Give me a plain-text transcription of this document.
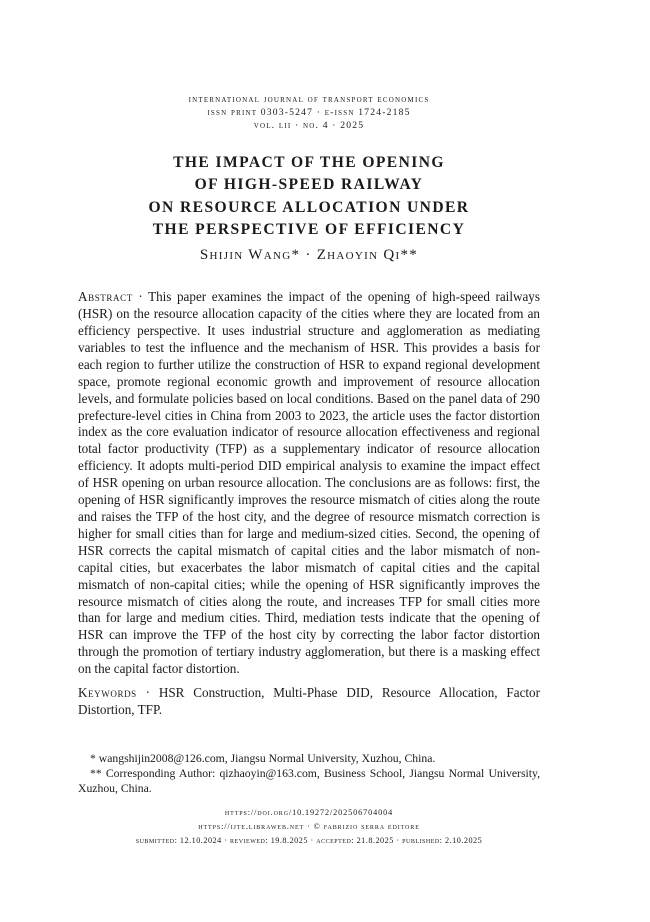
international journal of transport economics
issn print 0303-5247 · e-issn 1724-2185
vol. lii · no. 4 · 2025
THE IMPACT OF THE OPENING
OF HIGH-SPEED RAILWAY
ON RESOURCE ALLOCATION UNDER
THE PERSPECTIVE OF EFFICIENCY
Shijin Wang* · Zhaoyin Qi**
Abstract · This paper examines the impact of the opening of high-speed railways (HSR) on the resource allocation capacity of the cities where they are located from an efficiency perspective. It uses industrial structure and agglomeration as mediating variables to test the influence and the mechanism of HSR. This provides a basis for each region to further utilize the construction of HSR to expand regional development space, promote regional economic growth and improvement of resource allocation levels, and formulate policies based on local conditions. Based on the panel data of 290 prefecture-level cities in China from 2003 to 2023, the article uses the factor distortion index as the core evaluation indicator of resource allocation effectiveness and regional total factor productivity (TFP) as a supplementary indicator of resource allocation efficiency. It adopts multi-period DID empirical analysis to examine the impact effect of HSR opening on urban resource allocation. The conclusions are as follows: first, the opening of HSR significantly improves the resource mismatch of cities along the route and raises the TFP of the host city, and the degree of resource mismatch correction is higher for small cities than for large and medium-sized cities. Second, the opening of HSR corrects the capital mismatch of capital cities and the labor mismatch of non-capital cities, but exacerbates the labor mismatch of capital cities and the capital mismatch of non-capital cities; while the opening of HSR significantly improves the resource mismatch of cities along the route, and increases TFP for small cities more than for large and medium cities. Third, mediation tests indicate that the opening of HSR can improve the TFP of the host city by correcting the labor factor distortion through the promotion of tertiary industry agglomeration, but there is a masking effect on the capital factor distortion.
Keywords · HSR Construction, Multi-Phase DID, Resource Allocation, Factor Distortion, TFP.

* wangshijin2008@126.com, Jiangsu Normal University, Xuzhou, China.

** Corresponding Author: qizhaoyin@163.com, Business School, Jiangsu Normal University, Xuzhou, China.

https://doi.org/10.19272/202506704004
https://ijte.libraweb.net · © fabrizio serra editore
submitted: 12.10.2024 · reviewed: 19.8.2025 · accepted: 21.8.2025 · published: 2.10.2025
